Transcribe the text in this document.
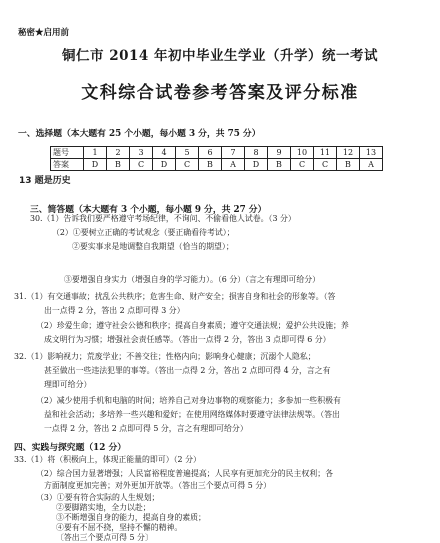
秘密★启用前
铜仁市 2014 年初中毕业生学业（升学）统一考试
文科综合试卷参考答案及评分标准
一、选择题（本大题有 25 个小题，每小题 3 分，共 75 分）
题号	1	2	3	4	5	6	7	8	9	10	11	12	13
答案	D	B	C	D	C	B	A	D	B	C	C	B	A
13 题是历史
三、简答题（本大题有 3 个小题，每小题 9 分，共 27 分）
30.（1）告诉我们要严格遵守考场纪律，不询问、不偷看他人试卷。（3 分）
（2）①要树立正确的考试观念（要正确看待考试）；
②要实事求是地调整自我期望（恰当的期望）；
③要增强自身实力（增强自身的学习能力）。（6 分）（言之有理即可给分）
31.（1）有交通事故；扰乱公共秩序；危害生命、财产安全；损害自身和社会的形象等。（答
出一点得 2 分，答出 2 点即可得 3 分）
（2）珍爱生命；遵守社会公德和秩序；提高自身素质；遵守交通法规；爱护公共设施；养
成文明行为习惯；增强社会责任感等。（答出一点得 2 分，答出 3 点即可得 6 分）
32.（1）影响视力；荒废学业；不善交往；性格内向；影响身心健康；沉溺个人隐私；
甚至做出一些违法犯罪的事等。（答出一点得 2 分，答出 2 点即可得 4 分，言之有
理即可给分）
（2）减少使用手机和电脑的时间；培养自己对身边事物的观察能力；多参加一些积极有
益和社会活动；多培养一些兴趣和爱好；在使用网络媒体时要遵守法律法规等。（答出
一点得 2 分，答出 2 点即可得 5 分，言之有理即可给分）
四、实践与探究题（12 分）
33.（1）将（积极向上，体现正能量的即可）（2 分）
（2）综合国力显著增强；人民富裕程度普遍提高；人民享有更加充分的民主权利；各
方面制度更加完善；对外更加开放等。（答出三个要点可得 5 分）
（3）①要有符合实际的人生规划；
②要脚踏实地，全力以赴；
③不断增强自身的能力，提高自身的素质；
④要有不屈不挠，坚持不懈的精神。
〔答出三个要点可得 5 分〕
